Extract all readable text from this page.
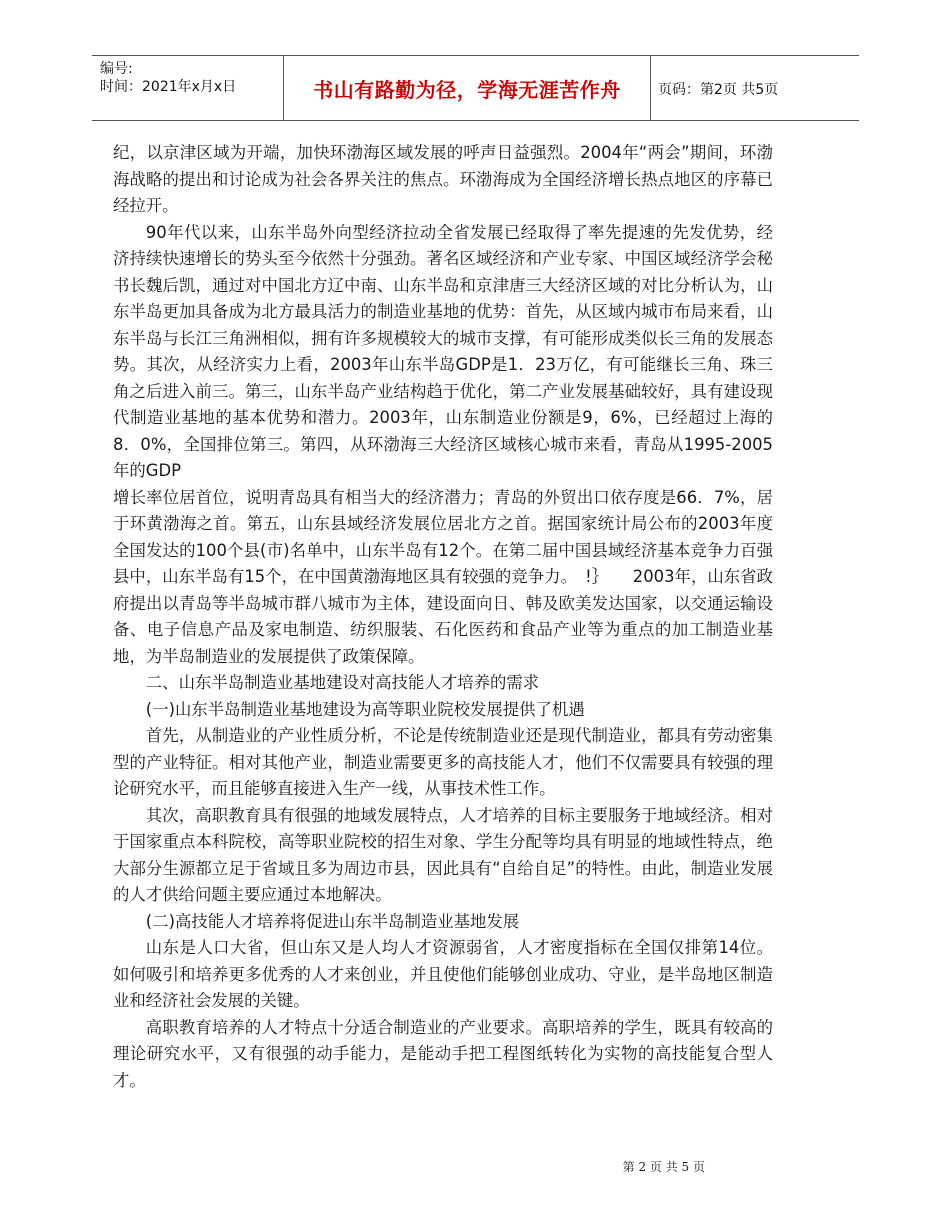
编号:
时间：2021年x月x日	书山有路勤为径，学海无涯苦作舟	页码：第2页 共5页

纪，以京津区域为开端，加快环渤海区域发展的呼声日益强烈。2004年“两会”期间，环渤海战略的提出和讨论成为社会各界关注的焦点。环渤海成为全国经济增长热点地区的序幕已经拉开。

90年代以来，山东半岛外向型经济拉动全省发展已经取得了率先提速的先发优势，经济持续快速增长的势头至今依然十分强劲。著名区域经济和产业专家、中国区域经济学会秘书长魏后凯，通过对中国北方辽中南、山东半岛和京津唐三大经济区域的对比分析认为，山东半岛更加具备成为北方最具活力的制造业基地的优势：首先，从区域内城市布局来看，山东半岛与长江三角洲相似，拥有许多规模较大的城市支撑，有可能形成类似长三角的发展态势。其次，从经济实力上看，2003年山东半岛GDP是1．23万亿，有可能继长三角、珠三角之后进入前三。第三，山东半岛产业结构趋于优化，第二产业发展基础较好，具有建设现代制造业基地的基本优势和潜力。2003年，山东制造业份额是9，6%，已经超过上海的8．0%，全国排位第三。第四，从环渤海三大经济区域核心城市来看，青岛从1995-2005年的GDP

增长率位居首位，说明青岛具有相当大的经济潜力；青岛的外贸出口依存度是66．7%，居于环黄渤海之首。第五，山东县域经济发展位居北方之首。据国家统计局公布的2003年度全国发达的100个县(市)名单中，山东半岛有12个。在第二届中国县域经济基本竞争力百强县中，山东半岛有15个，在中国黄渤海地区具有较强的竞争力。　!｝　　2003年，山东省政府提出以青岛等半岛城市群八城市为主体，建设面向日、韩及欧美发达国家，以交通运输设备、电子信息产品及家电制造、纺织服装、石化医药和食品产业等为重点的加工制造业基地，为半岛制造业的发展提供了政策保障。

二、山东半岛制造业基地建设对高技能人才培养的需求

(一)山东半岛制造业基地建设为高等职业院校发展提供了机遇

首先，从制造业的产业性质分析，不论是传统制造业还是现代制造业，都具有劳动密集型的产业特征。相对其他产业，制造业需要更多的高技能人才，他们不仅需要具有较强的理论研究水平，而且能够直接进入生产一线，从事技术性工作。

其次，高职教育具有很强的地域发展特点，人才培养的目标主要服务于地域经济。相对于国家重点本科院校，高等职业院校的招生对象、学生分配等均具有明显的地域性特点，绝大部分生源都立足于省域且多为周边市县，因此具有“自给自足”的特性。由此，制造业发展的人才供给问题主要应通过本地解决。

(二)高技能人才培养将促进山东半岛制造业基地发展

山东是人口大省，但山东又是人均人才资源弱省，人才密度指标在全国仅排第14位。如何吸引和培养更多优秀的人才来创业，并且使他们能够创业成功、守业，是半岛地区制造业和经济社会发展的关键。

高职教育培养的人才特点十分适合制造业的产业要求。高职培养的学生，既具有较高的理论研究水平，又有很强的动手能力，是能动手把工程图纸转化为实物的高技能复合型人才。

第 2 页 共 5 页
